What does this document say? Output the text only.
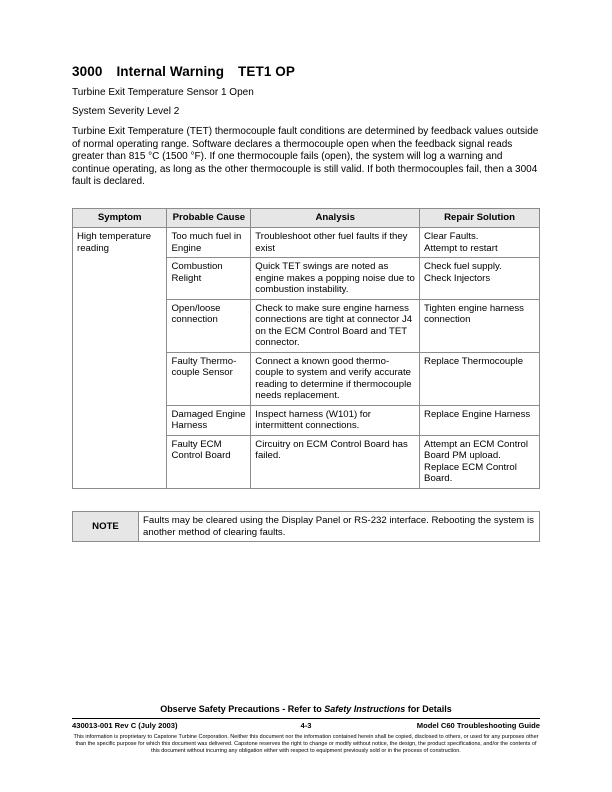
3000 Internal Warning TET1 OP

Turbine Exit Temperature Sensor 1 Open

System Severity Level 2

Turbine Exit Temperature (TET) thermocouple fault conditions are determined by feedback values outside of normal operating range. Software declares a thermocouple open when the feedback signal reads greater than 815 °C (1500 °F). If one thermocouple fails (open), the system will log a warning and continue operating, as long as the other thermocouple is still valid. If both thermocouples fail, then a 3004 fault is declared.

Symptom	Probable Cause	Analysis	Repair Solution
High temperature reading	Too much fuel in Engine	Troubleshoot other fuel faults if they exist	Clear Faults.
Attempt to restart

	Combustion Relight	Quick TET swings are noted as engine makes a popping noise due to combustion instability.	Check fuel supply.
Check Injectors

	Open/loose connection	Check to make sure engine harness connections are tight at connector J4 on the ECM Control Board and TET connector.	Tighten engine harness connection
	Faulty Thermo-couple Sensor	Connect a known good thermo-couple to system and verify accurate reading to determine if thermocouple needs replacement.	Replace Thermocouple
	Damaged Engine Harness	Inspect harness (W101) for intermittent connections.	Replace Engine Harness
	Faulty ECM Control Board	Circuitry on ECM Control Board has failed.	Attempt an ECM Control Board PM upload.
Replace ECM Control Board.
NOTE	Faults may be cleared using the Display Panel or RS-232 interface. Rebooting the system is another method of clearing faults.
Observe Safety Precautions - Refer to Safety Instructions for Details
430013-001 Rev C (July 2003)	4-3	Model C60 Troubleshooting Guide
This information is proprietary to Capstone Turbine Corporation. Neither this document nor the information contained herein shall be copied, disclosed to others, or used for any purposes other than the specific purpose for which this document was delivered. Capstone reserves the right to change or modify without notice, the design, the product specifications, and/or the contents of this document without incurring any obligation either with respect to equipment previously sold or in the process of construction.
